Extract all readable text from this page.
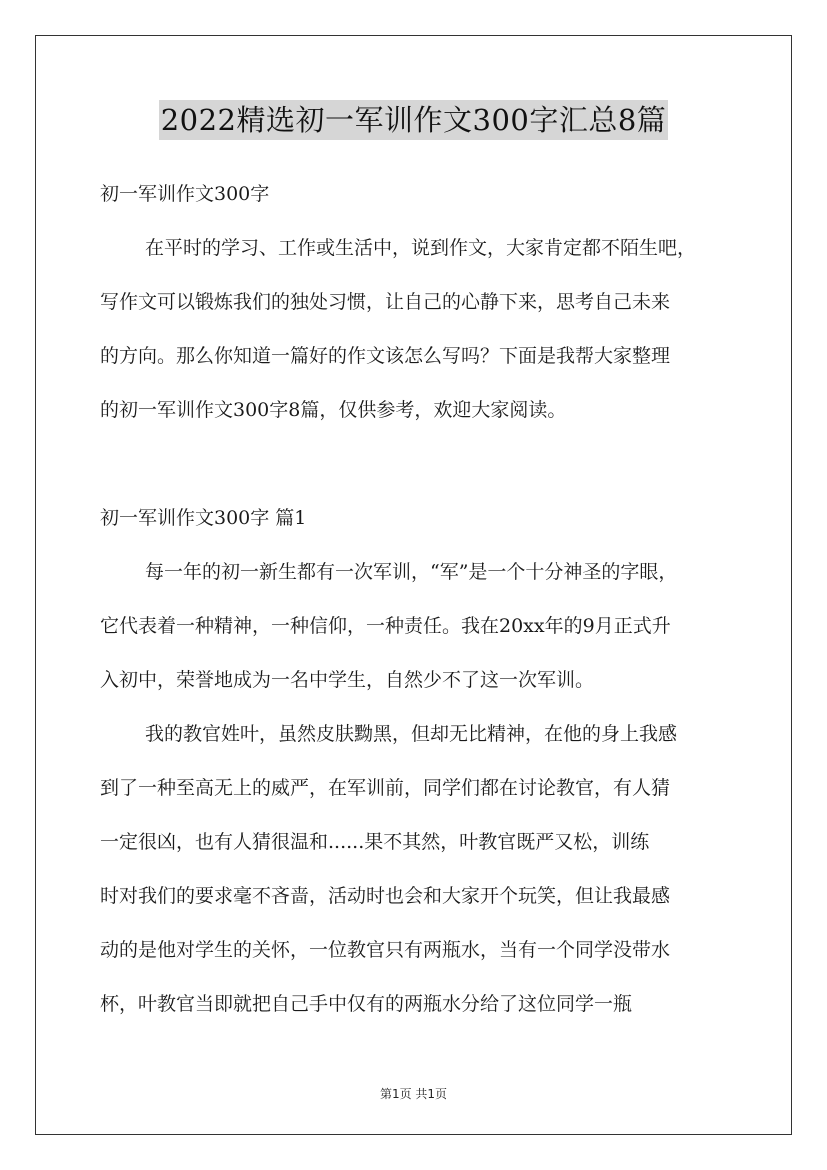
2022精选初一军训作文300字汇总8篇
初一军训作文300字
在平时的学习、工作或生活中，说到作文，大家肯定都不陌生吧，
写作文可以锻炼我们的独处习惯，让自己的心静下来，思考自己未来
的方向。那么你知道一篇好的作文该怎么写吗？下面是我帮大家整理
的初一军训作文300字8篇，仅供参考，欢迎大家阅读。
初一军训作文300字 篇1
每一年的初一新生都有一次军训，“军”是一个十分神圣的字眼，
它代表着一种精神，一种信仰，一种责任。我在20xx年的9月正式升
入初中，荣誉地成为一名中学生，自然少不了这一次军训。
我的教官姓叶，虽然皮肤黝黑，但却无比精神，在他的身上我感
到了一种至高无上的威严，在军训前，同学们都在讨论教官，有人猜
一定很凶，也有人猜很温和......果不其然，叶教官既严又松，训练
时对我们的要求毫不吝啬，活动时也会和大家开个玩笑，但让我最感
动的是他对学生的关怀，一位教官只有两瓶水，当有一个同学没带水
杯，叶教官当即就把自己手中仅有的两瓶水分给了这位同学一瓶
第1页 共1页
